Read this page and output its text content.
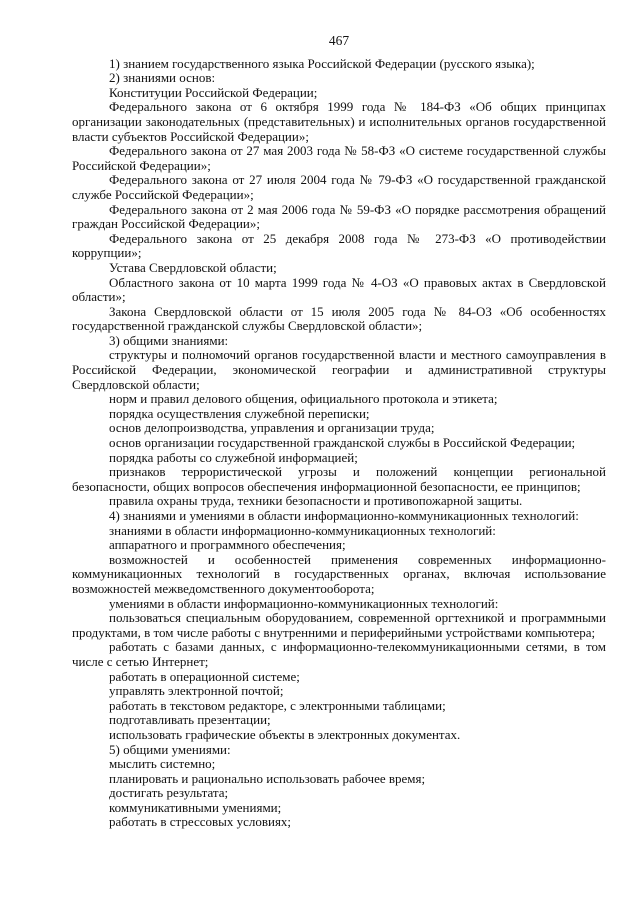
467

1) знанием государственного языка Российской Федерации (русского языка);

2) знаниями основ:

Конституции Российской Федерации;

Федерального закона от 6 октября 1999 года № 184-ФЗ «Об общих принципах организации законодательных (представительных) и исполнительных органов государственной власти субъектов Российской Федерации»;

Федерального закона от 27 мая 2003 года № 58-ФЗ «О системе государственной службы Российской Федерации»;

Федерального закона от 27 июля 2004 года № 79-ФЗ «О государственной гражданской службе Российской Федерации»;

Федерального закона от 2 мая 2006 года № 59-ФЗ «О порядке рассмотрения обращений граждан Российской Федерации»;

Федерального закона от 25 декабря 2008 года № 273-ФЗ «О противодействии коррупции»;

Устава Свердловской области;

Областного закона от 10 марта 1999 года № 4-ОЗ «О правовых актах в Свердловской области»;

Закона Свердловской области от 15 июля 2005 года № 84-ОЗ «Об особенностях государственной гражданской службы Свердловской области»;

3) общими знаниями:

структуры и полномочий органов государственной власти и местного самоуправления в Российской Федерации, экономической географии и административной структуры Свердловской области;

норм и правил делового общения, официального протокола и этикета;

порядка осуществления служебной переписки;

основ делопроизводства, управления и организации труда;

основ организации государственной гражданской службы в Российской Федерации;

порядка работы со служебной информацией;

признаков террористической угрозы и положений концепции региональной безопасности, общих вопросов обеспечения информационной безопасности, ее принципов;

правила охраны труда, техники безопасности и противопожарной защиты.

4) знаниями и умениями в области информационно-коммуникационных технологий:

знаниями в области информационно-коммуникационных технологий:

аппаратного и программного обеспечения;

возможностей и особенностей применения современных информационно-коммуникационных технологий в государственных органах, включая использование возможностей межведомственного документооборота;

умениями в области информационно-коммуникационных технологий:

пользоваться специальным оборудованием, современной оргтехникой и программными продуктами, в том числе работы с внутренними и периферийными устройствами компьютера;

работать с базами данных, с информационно-телекоммуникационными сетями, в том числе с сетью Интернет;

работать в операционной системе;

управлять электронной почтой;

работать в текстовом редакторе, с электронными таблицами;

подготавливать презентации;

использовать графические объекты в электронных документах.

5) общими умениями:

мыслить системно;

планировать и рационально использовать рабочее время;

достигать результата;

коммуникативными умениями;

работать в стрессовых условиях;
